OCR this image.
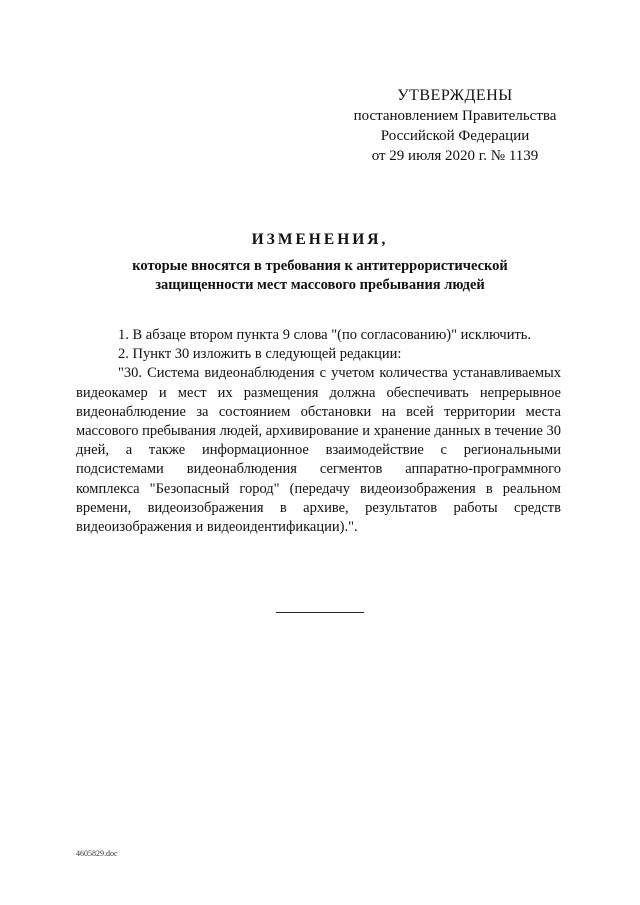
УТВЕРЖДЕНЫ
постановлением Правительства
Российской Федерации
от 29 июля 2020 г. № 1139
ИЗМЕНЕНИЯ,
которые вносятся в требования к антитеррористической
защищенности мест массового пребывания людей

1. В абзаце втором пункта 9 слова "(по согласованию)" исключить.

2. Пункт 30 изложить в следующей редакции:

"30. Система видеонаблюдения с учетом количества устанавливаемых видеокамер и мест их размещения должна обеспечивать непрерывное видеонаблюдение за состоянием обстановки на всей территории места массового пребывания людей, архивирование и хранение данных в течение 30 дней, а также информационное взаимодействие с региональными подсистемами видеонаблюдения сегментов аппаратно-программного комплекса "Безопасный город" (передачу видеоизображения в реальном времени, видеоизображения в архиве, результатов работы средств видеоизображения и видеоидентификации).".

4605829.doc
